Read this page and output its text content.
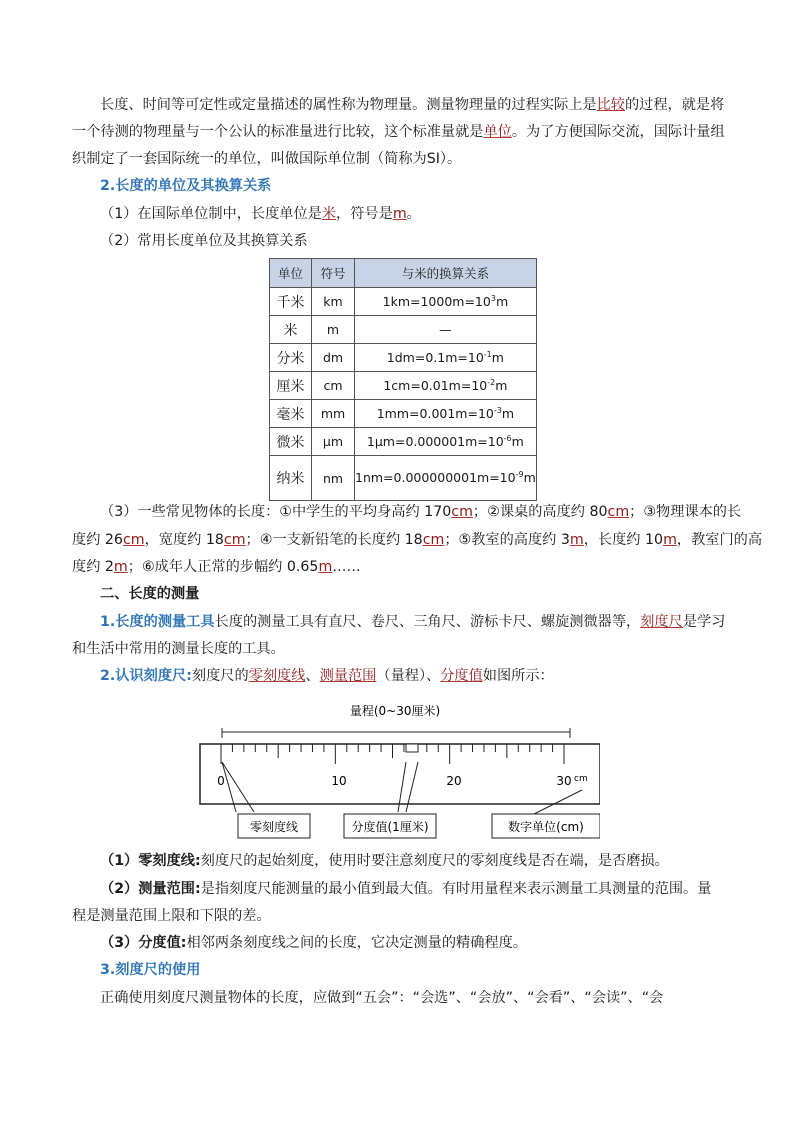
长度、时间等可定性或定量描述的属性称为物理量。测量物理量的过程实际上是比较的过程，就是将
一个待测的物理量与一个公认的标准量进行比较，这个标准量就是单位。为了方便国际交流，国际计量组
织制定了一套国际统一的单位，叫做国际单位制（简称为SI）。
2.长度的单位及其换算关系
（1）在国际单位制中，长度单位是米，符号是m。
（2）常用长度单位及其换算关系
单位	符号	与米的换算关系
千米	km	$1km=1000m=10^3m$
米	m	—
分米	dm	$1dm=0.1m=10^{-1}m$
厘米	cm	$1cm=0.01m=10^{-2}m$
毫米	mm	$1mm=0.001m=10^{-3}m$
微米	μm	$1\mu m=0.000001m=10^{-6}m$
纳米	nm	$1nm=0.000000001m=10^{-9}m$
（3）一些常见物体的长度：①中学生的平均身高约 170cm；②课桌的高度约 80cm；③物理课本的长
度约 26cm，宽度约 18cm；④一支新铅笔的长度约 18cm；⑤教室的高度约 3m，长度约 10m，教室门的高
度约 2m；⑥成年人正常的步幅约 0.65m……
二、长度的测量
1.长度的测量工具长度的测量工具有直尺、卷尺、三角尺、游标卡尺、螺旋测微器等，刻度尺是学习
和生活中常用的测量长度的工具。
2.认识刻度尺:刻度尺的零刻度线、测量范围（量程）、分度值如图所示：
量程(0~30厘米)
0	10	20	30 cm
零刻度线	分度值(1厘米)	数字单位(cm)
（1）零刻度线:刻度尺的起始刻度，使用时要注意刻度尺的零刻度线是否在端，是否磨损。
（2）测量范围:是指刻度尺能测量的最小值到最大值。有时用量程来表示测量工具测量的范围。量
程是测量范围上限和下限的差。
（3）分度值:相邻两条刻度线之间的长度，它决定测量的精确程度。
3.刻度尺的使用
正确使用刻度尺测量物体的长度，应做到“五会”：“会选”、“会放”、“会看”、“会读”、“会
